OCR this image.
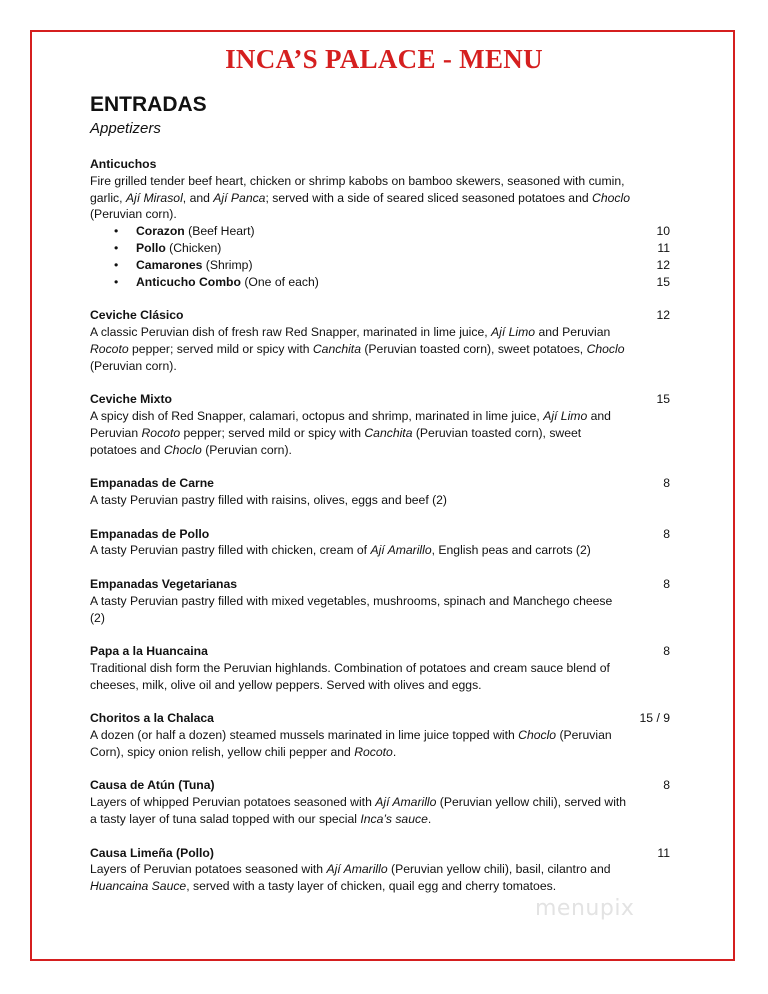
INCA’S PALACE - MENU
ENTRADAS
Appetizers
Anticuchos
Fire grilled tender beef heart, chicken or shrimp kabobs on bamboo skewers, seasoned with cumin, garlic, Ají Mirasol, and Ají Panca; served with a side of seared sliced seasoned potatoes and Choclo (Peruvian corn).
• Corazon (Beef Heart)	10
• Pollo (Chicken)	11
• Camarones (Shrimp)	12
• Anticucho Combo (One of each)	15
Ceviche Clásico	12
A classic Peruvian dish of fresh raw Red Snapper, marinated in lime juice, Ají Limo and Peruvian Rocoto pepper; served mild or spicy with Canchita (Peruvian toasted corn), sweet potatoes, Choclo (Peruvian corn).
Ceviche Mixto	15
A spicy dish of Red Snapper, calamari, octopus and shrimp, marinated in lime juice, Ají Limo and Peruvian Rocoto pepper; served mild or spicy with Canchita (Peruvian toasted corn), sweet potatoes and Choclo (Peruvian corn).
Empanadas de Carne	8
A tasty Peruvian pastry filled with raisins, olives, eggs and beef (2)
Empanadas de Pollo	8
A tasty Peruvian pastry filled with chicken, cream of Ají Amarillo, English peas and carrots (2)
Empanadas Vegetarianas	8
A tasty Peruvian pastry filled with mixed vegetables, mushrooms, spinach and Manchego cheese (2)
Papa a la Huancaina	8
Traditional dish form the Peruvian highlands. Combination of potatoes and cream sauce blend of cheeses, milk, olive oil and yellow peppers. Served with olives and eggs.
Choritos a la Chalaca	15 / 9
A dozen (or half a dozen) steamed mussels marinated in lime juice topped with Choclo (Peruvian Corn), spicy onion relish, yellow chili pepper and Rocoto.
Causa de Atún (Tuna)	8
Layers of whipped Peruvian potatoes seasoned with Ají Amarillo (Peruvian yellow chili), served with a tasty layer of tuna salad topped with our special Inca’s sauce.
Causa Limeña (Pollo)	11
Layers of Peruvian potatoes seasoned with Ají Amarillo (Peruvian yellow chili), basil, cilantro and Huancaina Sauce, served with a tasty layer of chicken, quail egg and cherry tomatoes.
menupix
